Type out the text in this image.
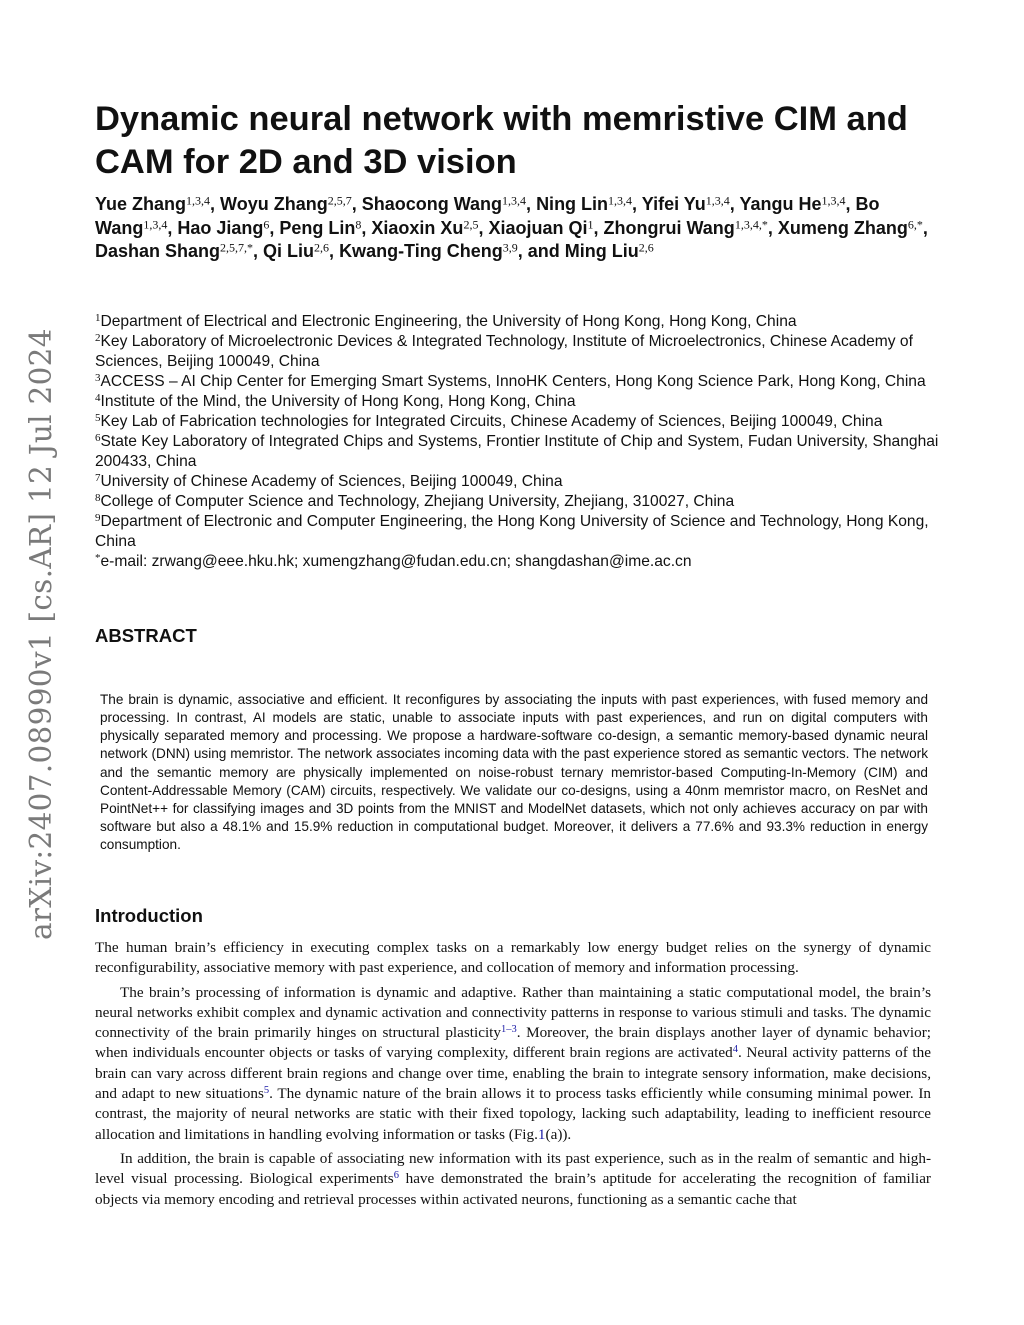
arXiv:2407.08990v1 [cs.AR] 12 Jul 2024
Dynamic neural network with memristive CIM and CAM for 2D and 3D vision

Yue Zhang$^{1,3,4}$, Woyu Zhang$^{2,5,7}$, Shaocong Wang$^{1,3,4}$, Ning Lin$^{1,3,4}$, Yifei Yu$^{1,3,4}$, Yangu He$^{1,3,4}$, Bo Wang$^{1,3,4}$, Hao Jiang$^6$, Peng Lin$^8$, Xiaoxin Xu$^{2,5}$, Xiaojuan Qi$^1$, Zhongrui Wang$^{1,3,4,*}$, Xumeng Zhang$^{6,*}$, Dashan Shang$^{2,5,7,*}$, Qi Liu$^{2,6}$, Kwang-Ting Cheng$^{3,9}$, and Ming Liu$^{2,6}$

$^1$Department of Electrical and Electronic Engineering, the University of Hong Kong, Hong Kong, China

$^2$Key Laboratory of Microelectronic Devices & Integrated Technology, Institute of Microelectronics, Chinese Academy of Sciences, Beijing 100049, China

$^3$ACCESS – AI Chip Center for Emerging Smart Systems, InnoHK Centers, Hong Kong Science Park, Hong Kong, China

$^4$Institute of the Mind, the University of Hong Kong, Hong Kong, China

$^5$Key Lab of Fabrication technologies for Integrated Circuits, Chinese Academy of Sciences, Beijing 100049, China

$^6$State Key Laboratory of Integrated Chips and Systems, Frontier Institute of Chip and System, Fudan University, Shanghai 200433, China

$^7$University of Chinese Academy of Sciences, Beijing 100049, China

$^8$College of Computer Science and Technology, Zhejiang University, Zhejiang, 310027, China

$^9$Department of Electronic and Computer Engineering, the Hong Kong University of Science and Technology, Hong Kong, China

*e-mail: zrwang@eee.hku.hk; xumengzhang@fudan.edu.cn; shangdashan@ime.ac.cn

ABSTRACT

The brain is dynamic, associative and efficient. It reconfigures by associating the inputs with past experiences, with fused memory and processing. In contrast, AI models are static, unable to associate inputs with past experiences, and run on digital computers with physically separated memory and processing. We propose a hardware-software co-design, a semantic memory-based dynamic neural network (DNN) using memristor. The network associates incoming data with the past experience stored as semantic vectors. The network and the semantic memory are physically implemented on noise-robust ternary memristor-based Computing-In-Memory (CIM) and Content-Addressable Memory (CAM) circuits, respectively. We validate our co-designs, using a 40nm memristor macro, on ResNet and PointNet++ for classifying images and 3D points from the MNIST and ModelNet datasets, which not only achieves accuracy on par with software but also a 48.1% and 15.9% reduction in computational budget. Moreover, it delivers a 77.6% and 93.3% reduction in energy consumption.

Introduction

The human brain’s efficiency in executing complex tasks on a remarkably low energy budget relies on the synergy of dynamic reconfigurability, associative memory with past experience, and collocation of memory and information processing.

The brain’s processing of information is dynamic and adaptive. Rather than maintaining a static computational model, the brain’s neural networks exhibit complex and dynamic activation and connectivity patterns in response to various stimuli and tasks. The dynamic connectivity of the brain primarily hinges on structural plasticity$^{1-3}$. Moreover, the brain displays another layer of dynamic behavior; when individuals encounter objects or tasks of varying complexity, different brain regions are activated$^4$. Neural activity patterns of the brain can vary across different brain regions and change over time, enabling the brain to integrate sensory information, make decisions, and adapt to new situations$^5$. The dynamic nature of the brain allows it to process tasks efficiently while consuming minimal power. In contrast, the majority of neural networks are static with their fixed topology, lacking such adaptability, leading to inefficient resource allocation and limitations in handling evolving information or tasks (Fig.1(a)).

In addition, the brain is capable of associating new information with its past experience, such as in the realm of semantic and high-level visual processing. Biological experiments$^6$ have demonstrated the brain’s aptitude for accelerating the recognition of familiar objects via memory encoding and retrieval processes within activated neurons, functioning as a semantic cache that
